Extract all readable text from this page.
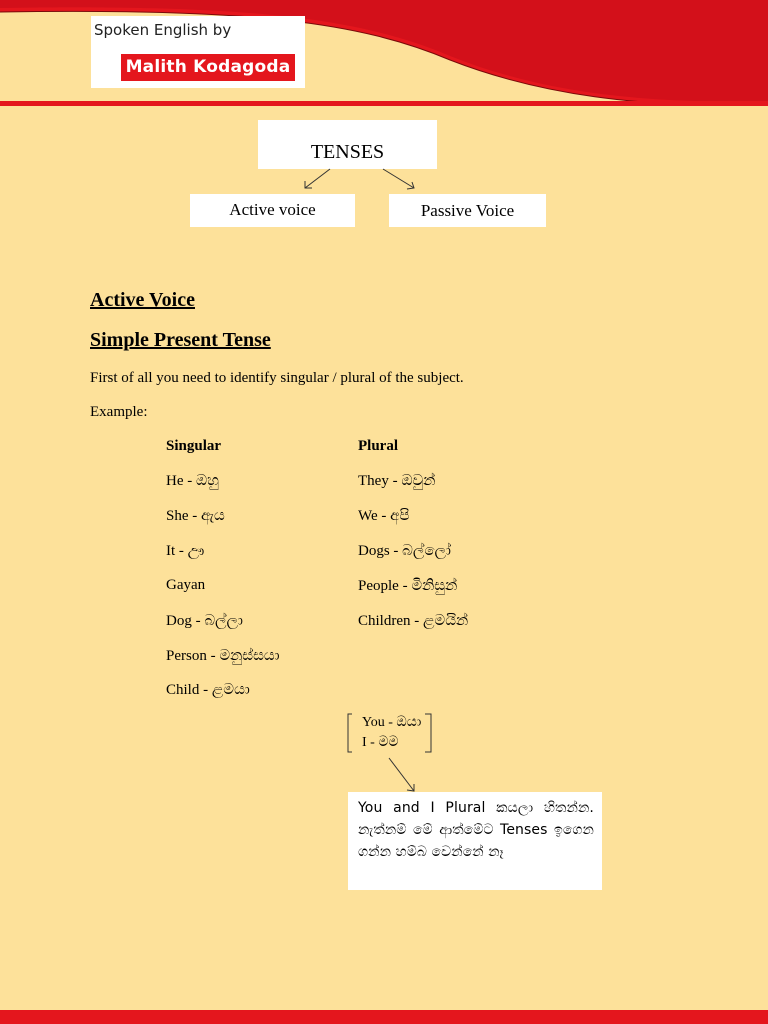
Spoken English by
Malith Kodagoda
TENSES
Active voice	Passive Voice
Active Voice
Simple Present Tense
First of all you need to identify singular / plural of the subject.
Example:
Singular	Plural
He - ඔහු
She - ඇය
It - ඌ
Gayan
Dog - බල්ලා
Person - මනුස්සයා
Child - ළමයා
They - ඔවුන්
We - අපි
Dogs - බල්ලෝ
People - මිනිසුන්
Children - ළමයින්
You - ඔයා
I - මම
You and I Plural කයලා හිතන්න. නැත්නම් මේ ආත්මේට Tenses ඉගෙන ගන්න හම්බ වෙන්නේ නෑ
